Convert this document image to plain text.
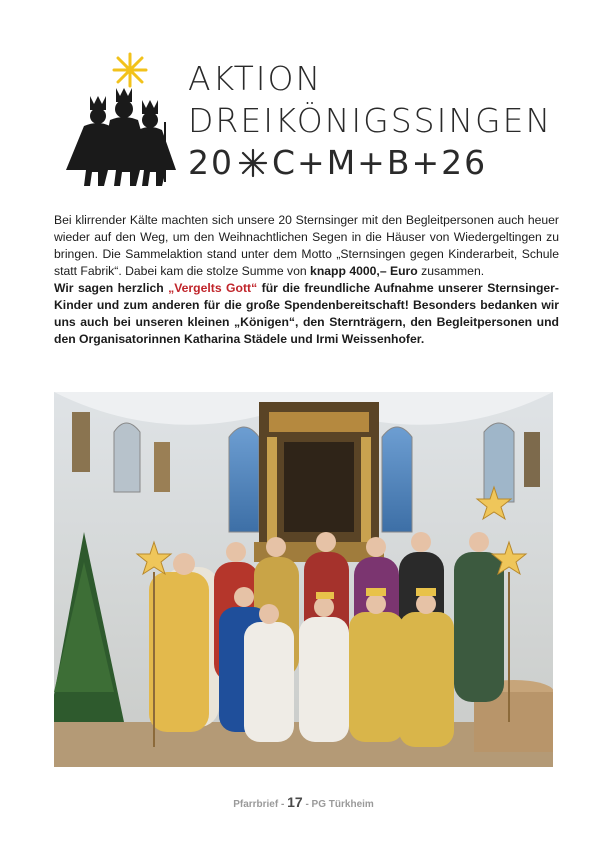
AKTION
DREIKÖNIGSSINGEN
20 C+M+B+26

Bei klirrender Kälte machten sich unsere 20 Sternsinger mit den Begleitpersonen auch heuer wieder auf den Weg, um den Weihnachtlichen Segen in die Häuser von Wiedergeltingen zu bringen. Die Sammelaktion stand unter dem Motto „Sternsingen gegen Kinderarbeit, Schule statt Fabrik“. Dabei kam die stolze Summe von knapp 4000,– Euro zusammen.

Wir sagen herzlich „Vergelts Gott“ für die freundliche Aufnahme unserer Sternsinger-Kinder und zum anderen für die große Spendenbereitschaft! Besonders bedanken wir uns auch bei unseren kleinen „Königen“, den Sternträgern, den Begleitpersonen und den Organisatorinnen Katharina Städele und Irmi Weissenhofer.

Pfarrbrief - 17 - PG Türkheim
